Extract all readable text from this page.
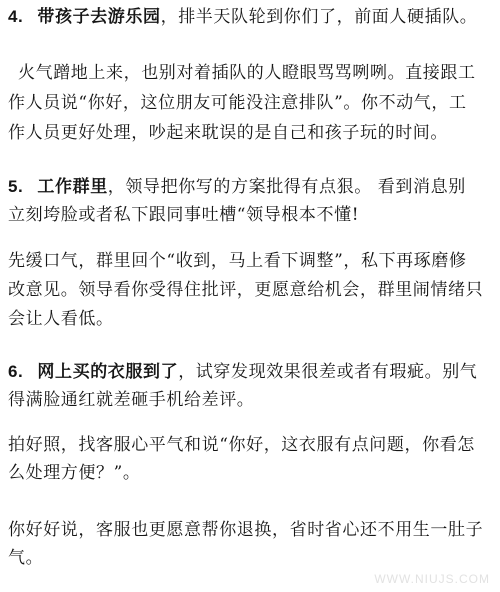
4. 带孩子去游乐园，排半天队轮到你们了，前面人硬插队。
火气蹭地上来，也别对着插队的人瞪眼骂骂咧咧。直接跟工
作人员说“你好，这位朋友可能没注意排队”。你不动气，工
作人员更好处理，吵起来耽误的是自己和孩子玩的时间。
5. 工作群里，领导把你写的方案批得有点狠。 看到消息别
立刻垮脸或者私下跟同事吐槽“领导根本不懂!
先缓口气，群里回个“收到，马上看下调整”，私下再琢磨修
改意见。领导看你受得住批评，更愿意给机会，群里闹情绪只
会让人看低。
6. 网上买的衣服到了，试穿发现效果很差或者有瑕疵。别气
得满脸通红就差砸手机给差评。
拍好照，找客服心平气和说“你好，这衣服有点问题，你看怎
么处理方便？”。
你好好说，客服也更愿意帮你退换，省时省心还不用生一肚子
气。
WWW.NIUJS.COM
